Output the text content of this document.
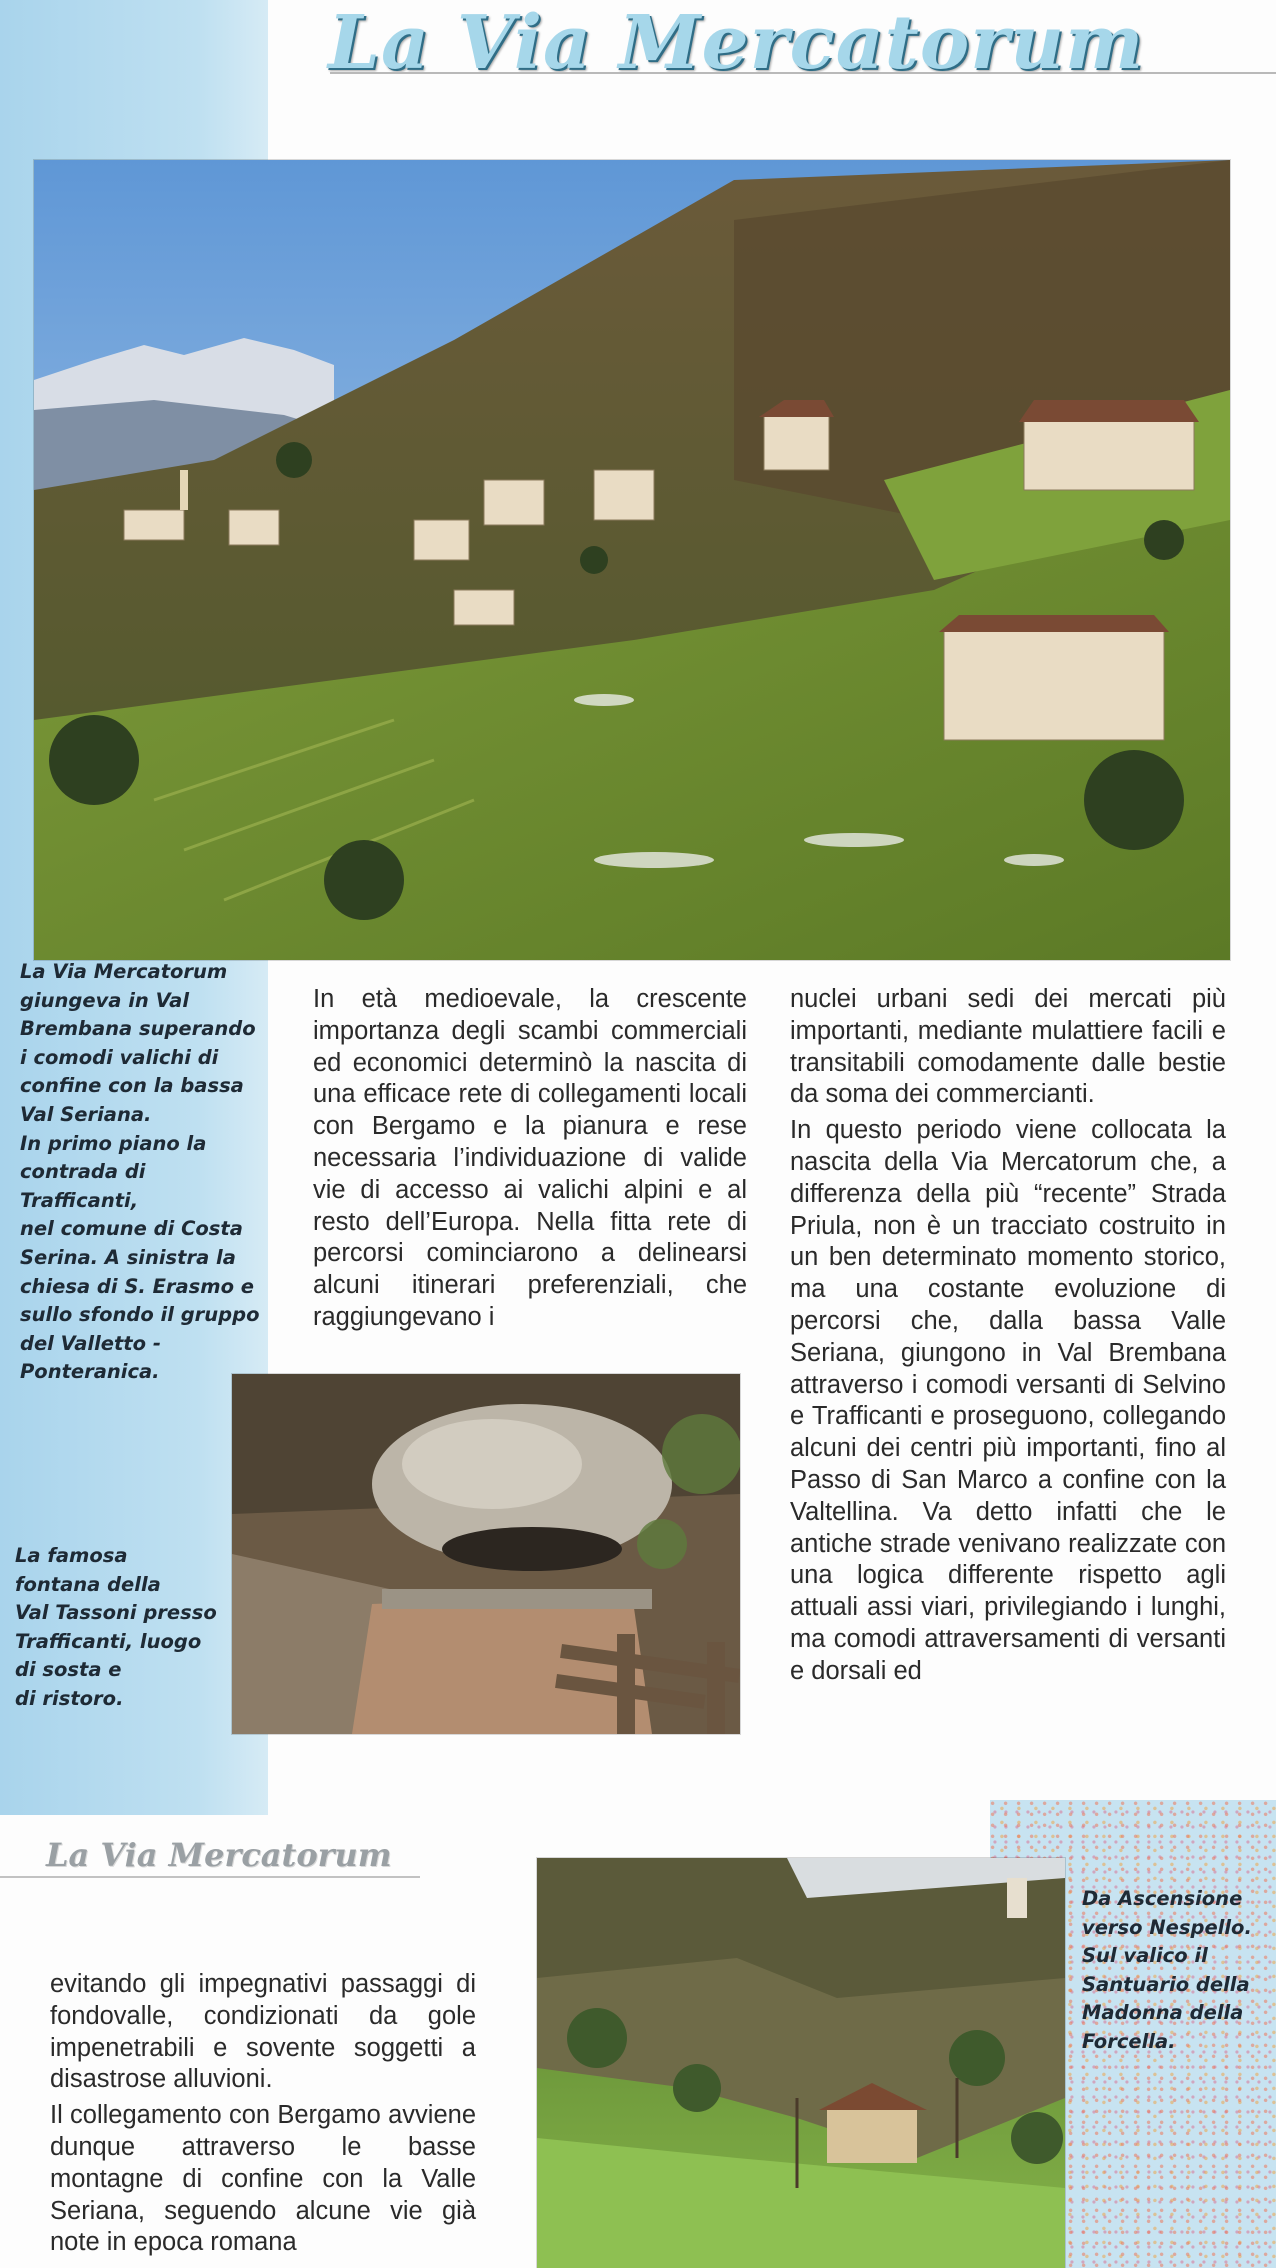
La Via Mercatorum

La Via Mercatorum
giungeva in Val
Brembana superando
i comodi valichi di
confine con la bassa
Val Seriana.
In primo piano la
contrada di Trafficanti,
nel comune di Costa
Serina. A sinistra la
chiesa di S. Erasmo e
sullo sfondo il gruppo
del Valletto -
Ponteranica.

In età medioevale, la crescente importanza degli scambi commerciali ed economici determinò la nascita di una efficace rete di collegamenti locali con Bergamo e la pianura e rese necessaria l’individuazione di valide vie di accesso ai valichi alpini e al resto dell’Europa. Nella fitta rete di percorsi cominciarono a delinearsi alcuni itinerari preferenziali, che raggiungevano i

nuclei urbani sedi dei mercati più importanti, mediante mulattiere facili e transitabili comodamente dalle bestie da soma dei commercianti.

In questo periodo viene collocata la nascita della Via Mercatorum che, a differenza della più “recente” Strada Priula, non è un tracciato costruito in un ben determinato momento storico, ma una costante evoluzione di percorsi che, dalla bassa Valle Seriana, giungono in Val Brembana attraverso i comodi versanti di Selvino e Trafficanti e proseguono, collegando alcuni dei centri più importanti, fino al Passo di San Marco a confine con la Valtellina. Va detto infatti che le antiche strade venivano realizzate con una logica differente rispetto agli attuali assi viari, privilegiando i lunghi, ma comodi attraversamenti di versanti e dorsali ed

La famosa
fontana della
Val Tassoni presso
Trafficanti, luogo
di sosta e
di ristoro.

La Via Mercatorum

evitando gli impegnativi passaggi di fondovalle, condizionati da gole impenetrabili e sovente soggetti a disastrose alluvioni.

Il collegamento con Bergamo avviene dunque attraverso le basse montagne di confine con la Valle Seriana, seguendo alcune vie già note in epoca romana

Da Ascensione
verso Nespello.
Sul valico il
Santuario della
Madonna della
Forcella.
